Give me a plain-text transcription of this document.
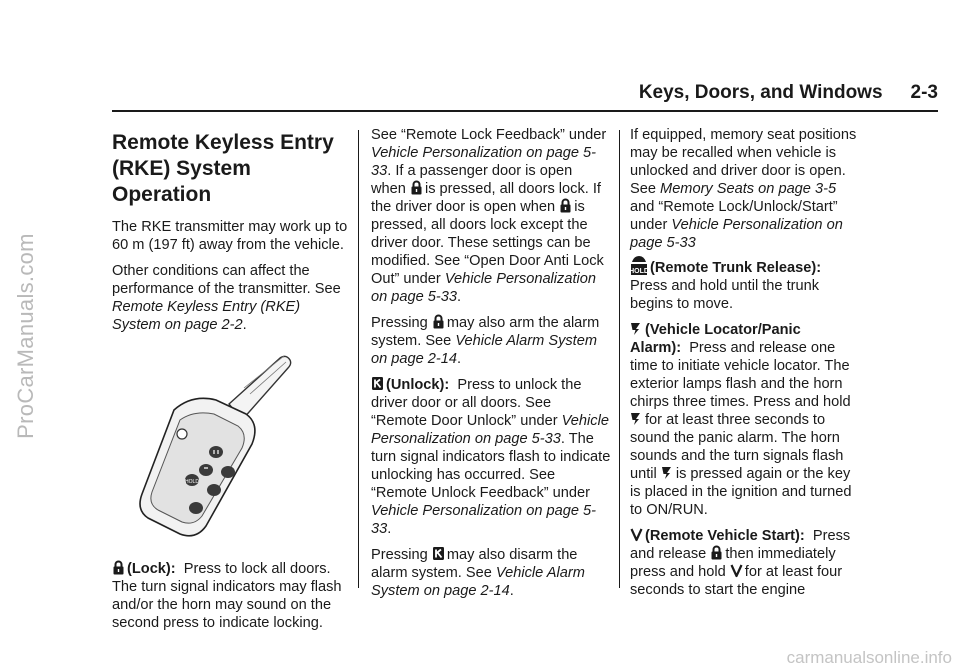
ProCarManuals.com
Keys, Doors, and Windows 2-3
Remote Keyless Entry (RKE) System Operation

The RKE transmitter may work up to 60 m (197 ft) away from the vehicle.

Other conditions can affect the performance of the transmitter. See Remote Keyless Entry (RKE) System on page 2-2.

HOLD

(Lock): Press to lock all doors. The turn signal indicators may flash and/or the horn may sound on the second press to indicate locking.

See “Remote Lock Feedback” under Vehicle Personalization on page 5-33. If a passenger door is open when
is pressed, all doors lock. If the driver door is open when
is pressed, all doors lock except the driver door. These settings can be modified. See “Open Door Anti Lock Out” under Vehicle Personalization on page 5-33.

Pressing
may also arm the alarm system. See Vehicle Alarm System on page 2-14.

(Unlock): Press to unlock the driver door or all doors. See “Remote Door Unlock” under Vehicle Personalization on page 5-33. The turn signal indicators flash to indicate unlocking has occurred. See “Remote Unlock Feedback” under Vehicle Personalization on page 5-33.

Pressing
may also disarm the alarm system. See Vehicle Alarm System on page 2-14.

If equipped, memory seat positions may be recalled when vehicle is unlocked and driver door is open. See Memory Seats on page 3-5 and “Remote Lock/Unlock/Start” under Vehicle Personalization on page 5-33

(Remote Trunk Release):
Press and hold until the trunk begins to move.

(Vehicle Locator/Panic Alarm): Press and release one time to initiate vehicle locator. The exterior lamps flash and the horn chirps three times. Press and hold
for at least three seconds to sound the panic alarm. The horn sounds and the turn signals flash until
is pressed again or the key is placed in the ignition and turned to ON/RUN.

(Remote Vehicle Start): Press and release
then immediately press and hold
for at least four seconds to start the engine

carmanualsonline.info
